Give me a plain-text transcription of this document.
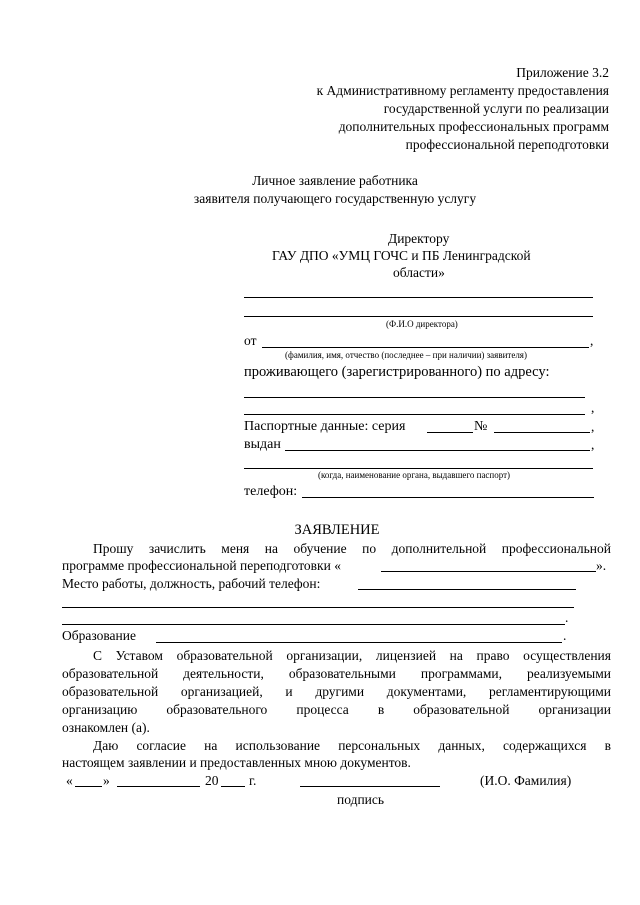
Приложение 3.2
к Административному регламенту предоставления
государственной услуги по реализации
дополнительных профессиональных программ
профессиональной переподготовки
Личное заявление работника
заявителя получающего государственную услугу
Директору
ГАУ ДПО «УМЦ ГОЧС и ПБ Ленинградской
области»
(Ф.И.О директора)
от	,
(фамилия, имя, отчество (последнее – при наличии) заявителя)
проживающего (зарегистрированного) по адресу:
,
Паспортные данные: серия	№	,
выдан	,
(когда, наименование органа, выдавшего паспорт)
телефон:
ЗАЯВЛЕНИЕ
Прошу зачислить меня на обучение по дополнительной профессиональной
программе профессиональной переподготовки «	».
Место работы, должность, рабочий телефон:
.
Образование	.
С Уставом образовательной организации, лицензией на право осуществления
образовательной деятельности, образовательными программами, реализуемыми
образовательной организацией, и другими документами, регламентирующими
организацию образовательного процесса в образовательной организации
ознакомлен (а).
Даю согласие на использование персональных данных, содержащихся в
настоящем заявлении и предоставленных мною документов.
« »	20 г.	(И.О. Фамилия)
подпись
